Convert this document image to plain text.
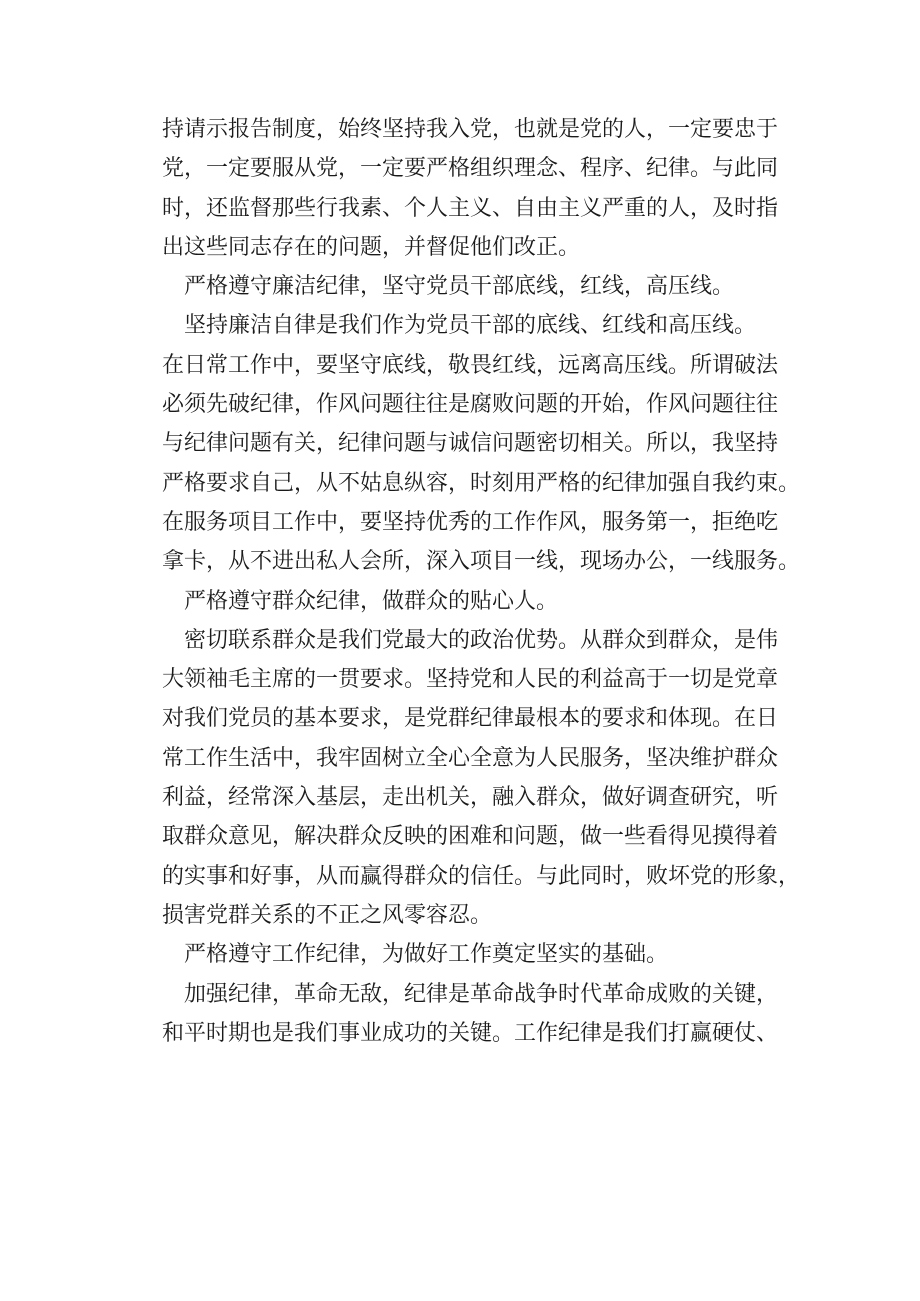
持请示报告制度，始终坚持我入党，也就是党的人，一定要忠于
党，一定要服从党，一定要严格组织理念、程序、纪律。与此同
时，还监督那些行我素、个人主义、自由主义严重的人，及时指
出这些同志存在的问题，并督促他们改正。
严格遵守廉洁纪律，坚守党员干部底线，红线，高压线。
坚持廉洁自律是我们作为党员干部的底线、红线和高压线。
在日常工作中，要坚守底线，敬畏红线，远离高压线。所谓破法
必须先破纪律，作风问题往往是腐败问题的开始，作风问题往往
与纪律问题有关，纪律问题与诚信问题密切相关。所以，我坚持
严格要求自己，从不姑息纵容，时刻用严格的纪律加强自我约束。
在服务项目工作中，要坚持优秀的工作作风，服务第一，拒绝吃
拿卡，从不进出私人会所，深入项目一线，现场办公，一线服务。
严格遵守群众纪律，做群众的贴心人。
密切联系群众是我们党最大的政治优势。从群众到群众，是伟
大领袖毛主席的一贯要求。坚持党和人民的利益高于一切是党章
对我们党员的基本要求，是党群纪律最根本的要求和体现。在日
常工作生活中，我牢固树立全心全意为人民服务，坚决维护群众
利益，经常深入基层，走出机关，融入群众，做好调查研究，听
取群众意见，解决群众反映的困难和问题，做一些看得见摸得着
的实事和好事，从而赢得群众的信任。与此同时，败坏党的形象，
损害党群关系的不正之风零容忍。
严格遵守工作纪律，为做好工作奠定坚实的基础。
加强纪律，革命无敌，纪律是革命战争时代革命成败的关键，
和平时期也是我们事业成功的关键。工作纪律是我们打赢硬仗、
